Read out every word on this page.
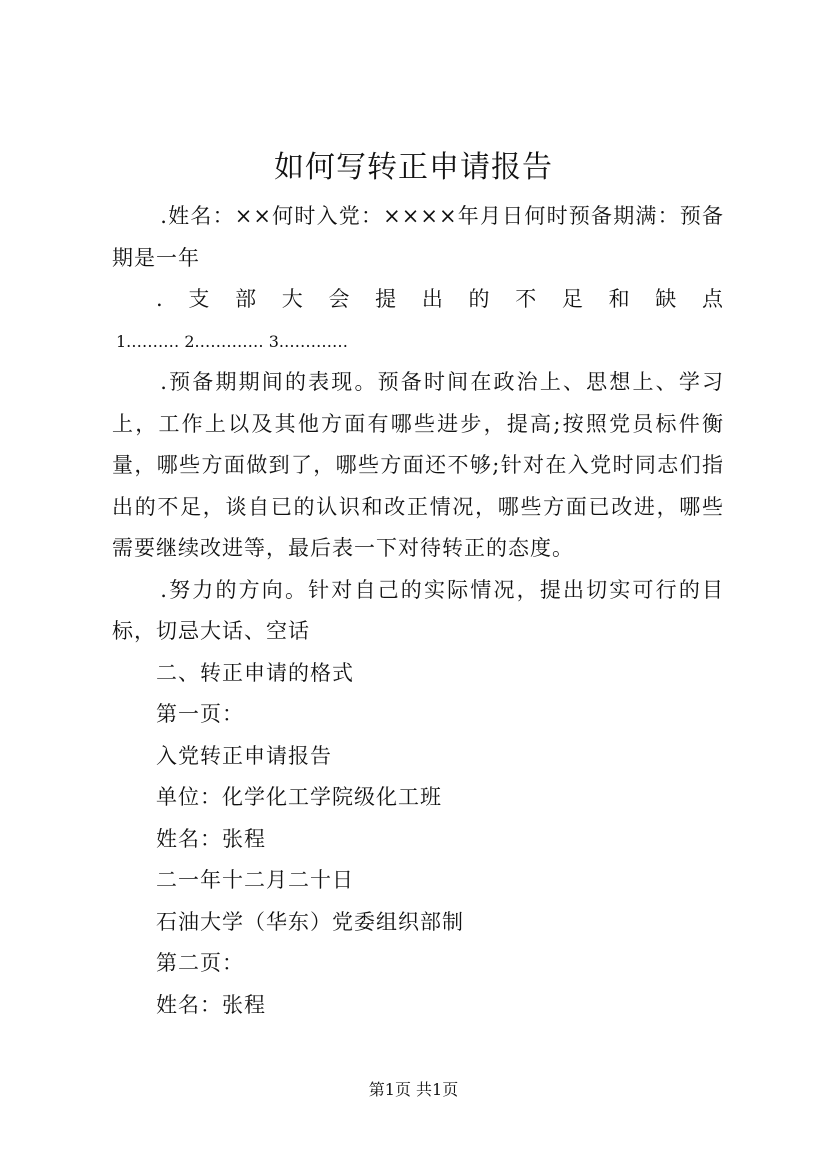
如何写转正申请报告

.姓名：××何时入党：××××年月日何时预备期满：预备期是一年

. 支 部 大 会 提 出 的 不 足 和 缺 点

1.……… 2.………… 3.…………

.预备期期间的表现。预备时间在政治上、思想上、学习上，工作上以及其他方面有哪些进步，提高;按照党员标件衡量，哪些方面做到了，哪些方面还不够;针对在入党时同志们指出的不足，谈自已的认识和改正情况，哪些方面已改进，哪些需要继续改进等，最后表一下对待转正的态度。

.努力的方向。针对自己的实际情况，提出切实可行的目标，切忌大话、空话

二、转正申请的格式

第一页：

入党转正申请报告

单位：化学化工学院级化工班

姓名：张程

二一年十二月二十日

石油大学（华东）党委组织部制

第二页：

姓名：张程

第1页 共1页
